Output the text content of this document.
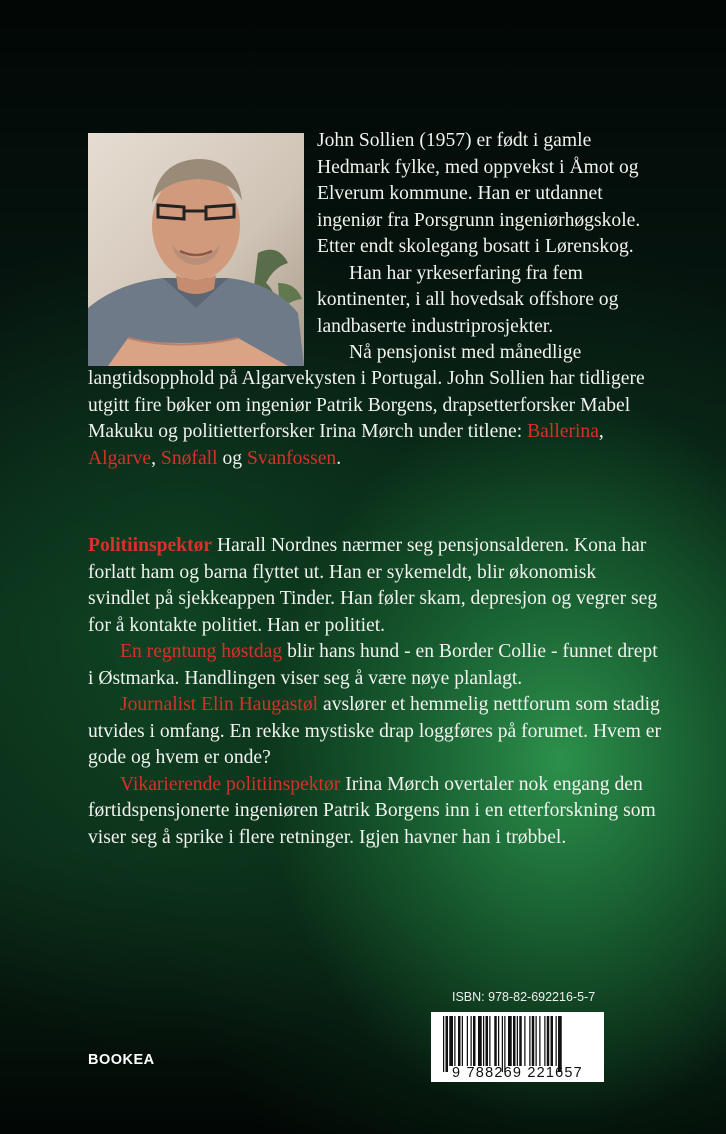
John Sollien (1957) er født i gamle Hedmark fylke, med oppvekst i Åmot og Elverum kommune. Han er utdannet ingeniør fra Porsgrunn ingeniørhøgskole. Etter endt skolegang bosatt i Lørenskog.

Han har yrkeserfaring fra fem kontinenter, i all hovedsak offshore og landbaserte industriprosjekter.

Nå pensjonist med månedlige

langtidsopphold på Algarvekysten i Portugal. John Sollien har tidligere utgitt fire bøker om ingeniør Patrik Borgens, drapsetterforsker Mabel Makuku og politietterforsker Irina Mørch under titlene: Ballerina, Algarve, Snøfall og Svanfossen.

Politiinspektør Harall Nordnes nærmer seg pensjonsalderen. Kona har forlatt ham og barna flyttet ut. Han er sykemeldt, blir økonomisk svindlet på sjekkeappen Tinder. Han føler skam, depresjon og vegrer seg for å kontakte politiet. Han er politiet.

En regntung høstdag blir hans hund - en Border Collie - funnet drept i Østmarka. Handlingen viser seg å være nøye planlagt.

Journalist Elin Haugastøl avslører et hemmelig nettforum som stadig utvides i omfang. En rekke mystiske drap loggføres på forumet. Hvem er gode og hvem er onde?

Vikarierende politiinspektør Irina Mørch overtaler nok engang den førtidspensjonerte ingeniøren Patrik Borgens inn i en etterforskning som viser seg å sprike i flere retninger. Igjen havner han i trøbbel.

ISBN: 978-82-692216-5-7
9 788269 221657
BOOKEA
